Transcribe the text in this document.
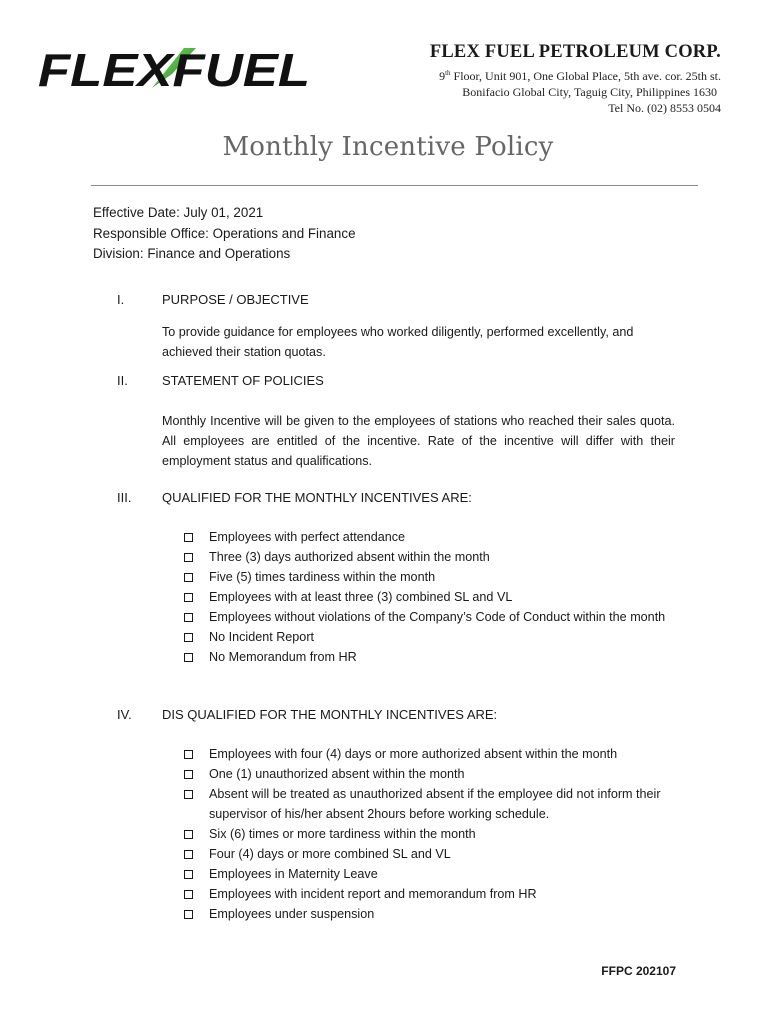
FLEXFUEL	FLEX FUEL PETROLEUM CORP.
9th Floor, Unit 901, One Global Place, 5th ave. cor. 25th st.
Bonifacio Global City, Taguig City, Philippines 1630
Tel No. (02) 8553 0504
Monthly Incentive Policy
Effective Date: July 01, 2021
Responsible Office: Operations and Finance
Division: Finance and Operations
I.	PURPOSE / OBJECTIVE
To provide guidance for employees who worked diligently, performed excellently, and achieved their station quotas.
II.	STATEMENT OF POLICIES
Monthly Incentive will be given to the employees of stations who reached their sales quota. All employees are entitled of the incentive. Rate of the incentive will differ with their employment status and qualifications.
III. QUALIFIED FOR THE MONTHLY INCENTIVES ARE:
Employees with perfect attendance
Three (3) days authorized absent within the month
Five (5) times tardiness within the month
Employees with at least three (3) combined SL and VL
Employees without violations of the Company’s Code of Conduct within the month
No Incident Report
No Memorandum from HR
IV. DIS QUALIFIED FOR THE MONTHLY INCENTIVES ARE:
Employees with four (4) days or more authorized absent within the month
One (1) unauthorized absent within the month
Absent will be treated as unauthorized absent if the employee did not inform their supervisor of his/her absent 2hours before working schedule.
Six (6) times or more tardiness within the month
Four (4) days or more combined SL and VL
Employees in Maternity Leave
Employees with incident report and memorandum from HR
Employees under suspension
FFPC 202107
